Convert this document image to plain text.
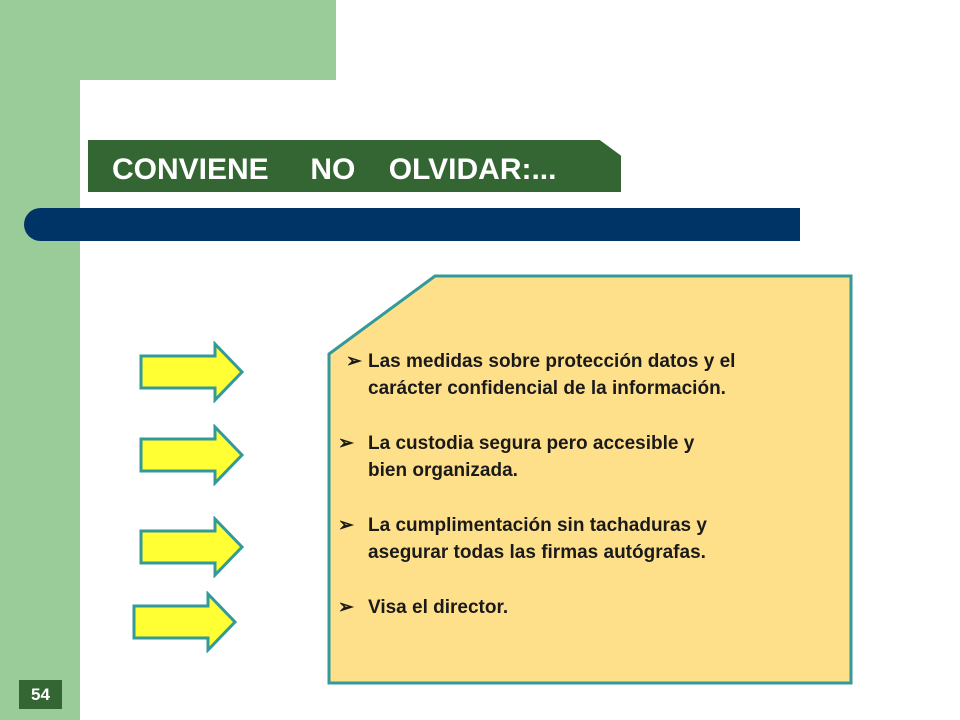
CONVIENE     NO    OLVIDAR:...
➢ Las medidas sobre protección datos y el
carácter confidencial de la información.
➢ La custodia segura pero accesible y
bien organizada.
➢ La cumplimentación sin tachaduras y
asegurar todas las firmas autógrafas.
➢ Visa el director.
54
